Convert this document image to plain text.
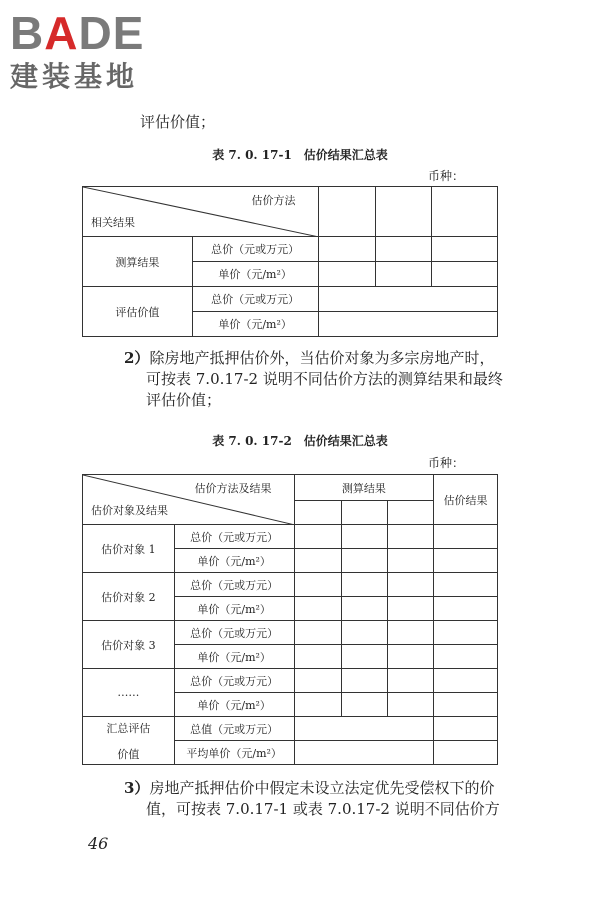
BADE
建装基地
评估价值；
表 7. 0. 17-1　估价结果汇总表
币种：
估价方法
相关结果				

测算结果	总价（元或万元）			
	单价（元/m²）			
评估价值	总价（元或万元）			
	单价（元/m²）			
2）除房地产抵押估价外，当估价对象为多宗房地产时，
可按表 7.0.17-2 说明不同估价方法的测算结果和最终
评估价值；
表 7. 0. 17-2　估价结果汇总表
币种：
估价方法及结果
估价对象及结果		测算结果			估价结果

估价对象 1	总价（元或万元）				
	单价（元/m²）				
估价对象 2	总价（元或万元）				
	单价（元/m²）				
估价对象 3	总价（元或万元）				
	单价（元/m²）				
……	总价（元或万元）				
	单价（元/m²）				

汇总评估
价值	总值（元或万元）				
	平均单价（元/m²）				
3）房地产抵押估价中假定未设立法定优先受偿权下的价
值，可按表 7.0.17-1 或表 7.0.17-2 说明不同估价方
46
